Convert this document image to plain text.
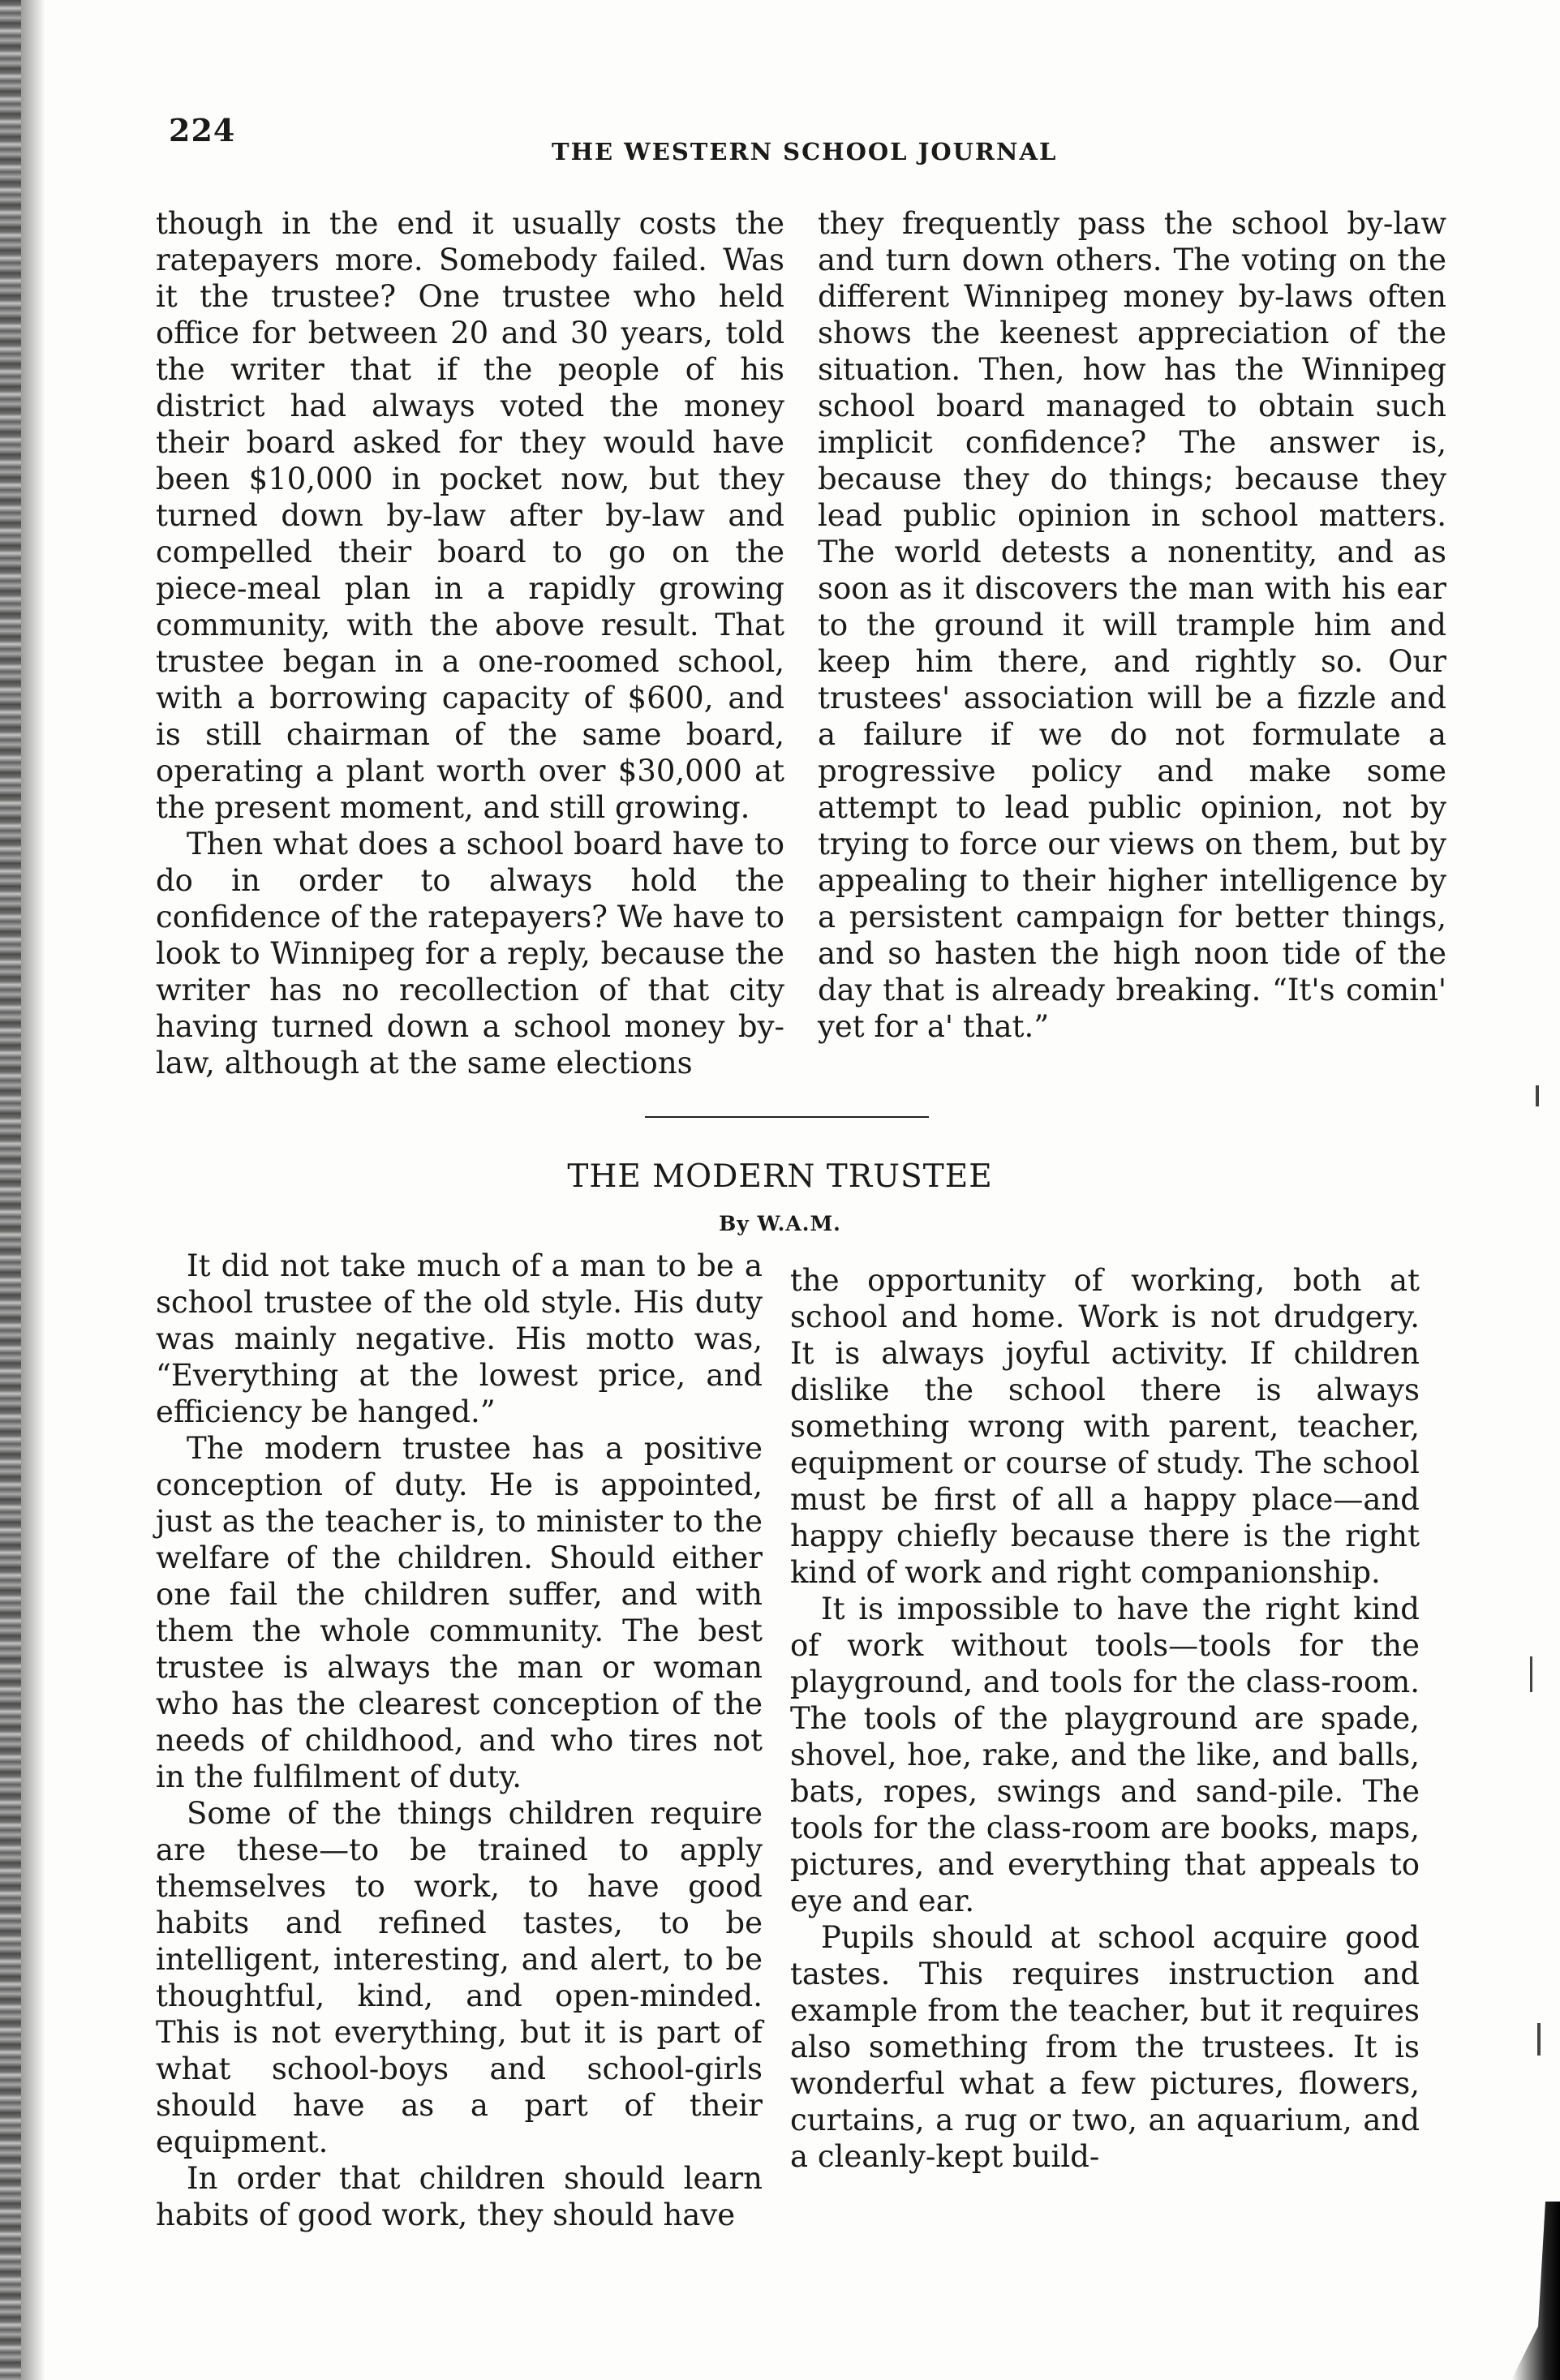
224
THE WESTERN SCHOOL JOURNAL

though in the end it usually costs the ratepayers more. Somebody failed. Was it the trustee? One trustee who held office for between 20 and 30 years, told the writer that if the people of his district had always voted the money their board asked for they would have been $10,000 in pocket now, but they turned down by-law after by-law and compelled their board to go on the piece-meal plan in a rapidly growing community, with the above result. That trustee began in a one-roomed school, with a borrowing capacity of $600, and is still chairman of the same board, operating a plant worth over $30,000 at the present moment, and still growing.

Then what does a school board have to do in order to always hold the confidence of the ratepayers? We have to look to Winnipeg for a reply, because the writer has no recollection of that city having turned down a school money by-law, although at the same elections

they frequently pass the school by-law and turn down others. The voting on the different Winnipeg money by-laws often shows the keenest appreciation of the situation. Then, how has the Winnipeg school board managed to obtain such implicit confidence? The answer is, because they do things; because they lead public opinion in school matters. The world detests a nonentity, and as soon as it discovers the man with his ear to the ground it will trample him and keep him there, and rightly so. Our trustees' association will be a fizzle and a failure if we do not formulate a progressive policy and make some attempt to lead public opinion, not by trying to force our views on them, but by appealing to their higher intelligence by a persistent campaign for better things, and so hasten the high noon tide of the day that is already breaking. “It's comin' yet for a' that.”

THE MODERN TRUSTEE
By W.A.M.

It did not take much of a man to be a school trustee of the old style. His duty was mainly negative. His motto was, “Everything at the lowest price, and efficiency be hanged.”

The modern trustee has a positive conception of duty. He is appointed, just as the teacher is, to minister to the welfare of the children. Should either one fail the children suffer, and with them the whole community. The best trustee is always the man or woman who has the clearest conception of the needs of childhood, and who tires not in the fulfilment of duty.

Some of the things children require are these—to be trained to apply themselves to work, to have good habits and refined tastes, to be intelligent, interesting, and alert, to be thoughtful, kind, and open-minded. This is not everything, but it is part of what school-boys and school-girls should have as a part of their equipment.

In order that children should learn habits of good work, they should have

the opportunity of working, both at school and home. Work is not drudgery. It is always joyful activity. If children dislike the school there is always something wrong with parent, teacher, equipment or course of study. The school must be first of all a happy place—and happy chiefly because there is the right kind of work and right companionship.

It is impossible to have the right kind of work without tools—tools for the playground, and tools for the class-room. The tools of the playground are spade, shovel, hoe, rake, and the like, and balls, bats, ropes, swings and sand-pile. The tools for the class-room are books, maps, pictures, and everything that appeals to eye and ear.

Pupils should at school acquire good tastes. This requires instruction and example from the teacher, but it requires also something from the trustees. It is wonderful what a few pictures, flowers, curtains, a rug or two, an aquarium, and a cleanly-kept build-
